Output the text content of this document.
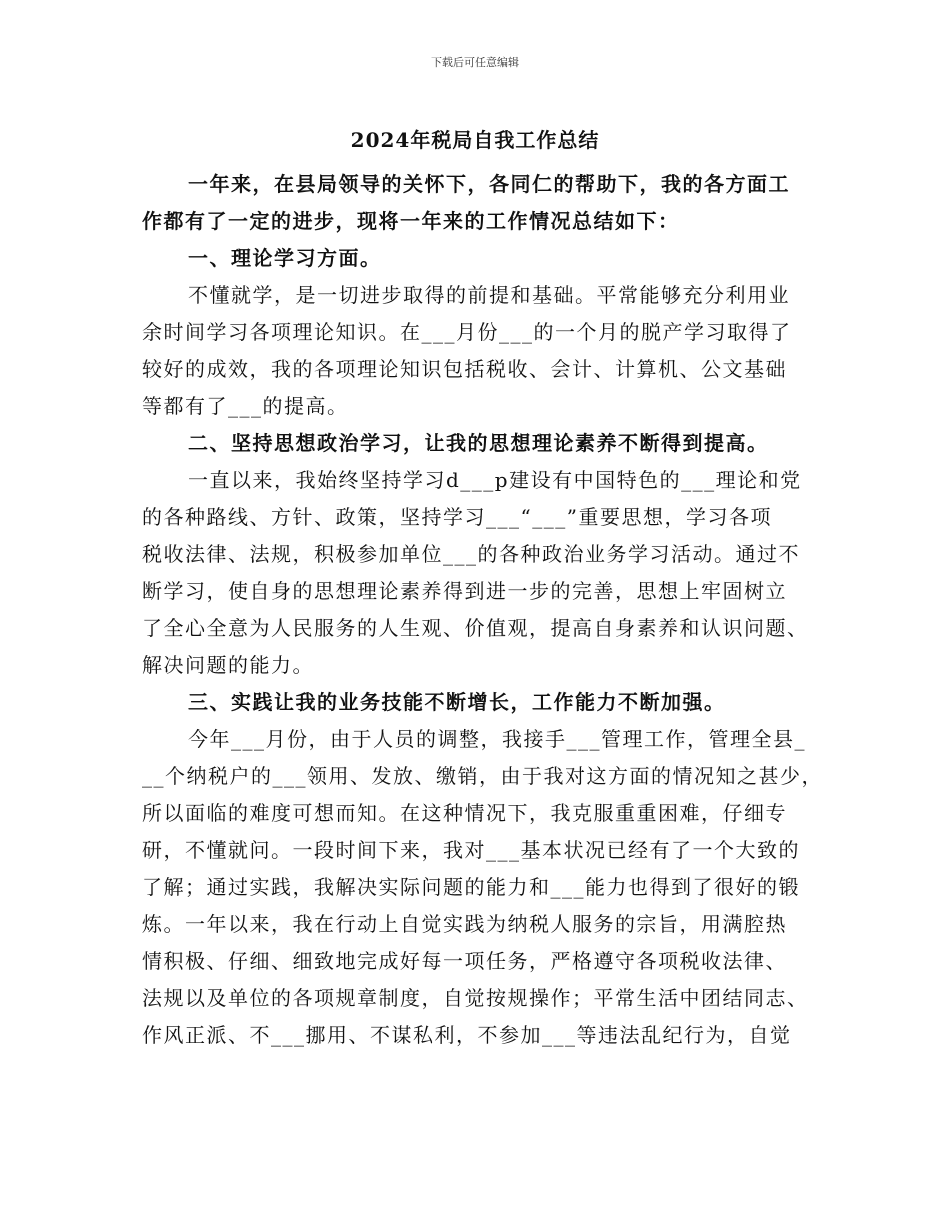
下载后可任意编辑
2024年税局自我工作总结
一年来，在县局领导的关怀下，各同仁的帮助下，我的各方面工
作都有了一定的进步，现将一年来的工作情况总结如下：
一、理论学习方面。
不懂就学，是一切进步取得的前提和基础。平常能够充分利用业
余时间学习各项理论知识。在___月份___的一个月的脱产学习取得了
较好的成效，我的各项理论知识包括税收、会计、计算机、公文基础
等都有了___的提高。
二、坚持思想政治学习，让我的思想理论素养不断得到提高。
一直以来，我始终坚持学习d___p建设有中国特色的___理论和党
的各种路线、方针、政策，坚持学习___“___”重要思想，学习各项
税收法律、法规，积极参加单位___的各种政治业务学习活动。通过不
断学习，使自身的思想理论素养得到进一步的完善，思想上牢固树立
了全心全意为人民服务的人生观、价值观，提高自身素养和认识问题、
解决问题的能力。
三、实践让我的业务技能不断增长，工作能力不断加强。
今年___月份，由于人员的调整，我接手___管理工作，管理全县_
__个纳税户的___领用、发放、缴销，由于我对这方面的情况知之甚少，
所以面临的难度可想而知。在这种情况下，我克服重重困难，仔细专
研，不懂就问。一段时间下来，我对___基本状况已经有了一个大致的
了解；通过实践，我解决实际问题的能力和___能力也得到了很好的锻
炼。一年以来，我在行动上自觉实践为纳税人服务的宗旨，用满腔热
情积极、仔细、细致地完成好每一项任务，严格遵守各项税收法律、
法规以及单位的各项规章制度，自觉按规操作；平常生活中团结同志、
作风正派、不___挪用、不谋私利，不参加___等违法乱纪行为，自觉
